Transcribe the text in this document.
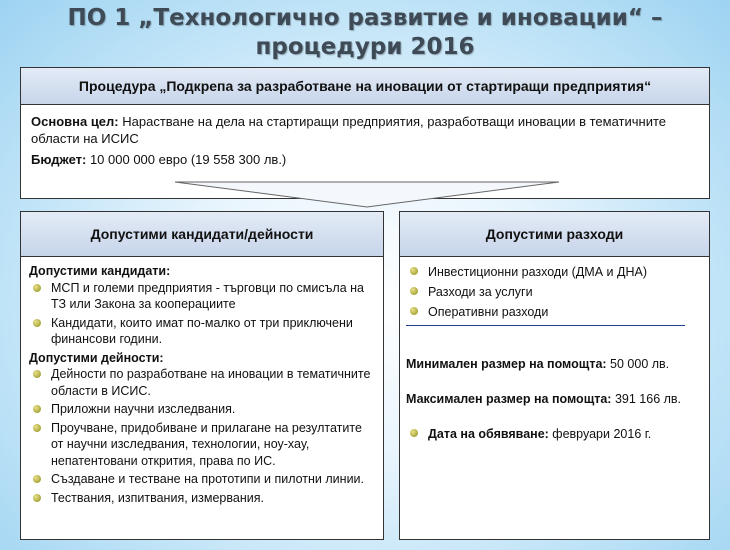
ПО 1 „Технологично развитие и иновации“ –
процедури 2016
Процедура „Подкрепа за разработване на иновации от стартиращи предприятия“
Основна цел: Нарастване на дела на стартиращи предприятия, разработващи иновации в тематичните области на ИСИС
Бюджет: 10 000 000 евро (19 558 300 лв.)
Допустими кандидати/дейности
Допустими кандидати:
МСП и големи предприятия - търговци по смисъла на ТЗ или Закона за кооперациите
Кандидати, които имат по-малко от три приключени финансови години.
Допустими дейности:
Дейности по разработване на иновации в тематичните области в ИСИС.
Приложни научни изследвания.
Проучване, придобиване и прилагане на резултатите от научни изследвания, технологии, ноу-хау, непатентовани открития, права по ИС.
Създаване и тестване на прототипи и пилотни линии.
Тествания, изпитвания, измервания.
Допустими разходи
Инвестиционни разходи (ДМА и ДНА)
Разходи за услуги
Оперативни разходи
Минимален размер на помощта: 50 000 лв.
Максимален размер на помощта: 391 166 лв.
Дата на обявяване: февруари 2016 г.
